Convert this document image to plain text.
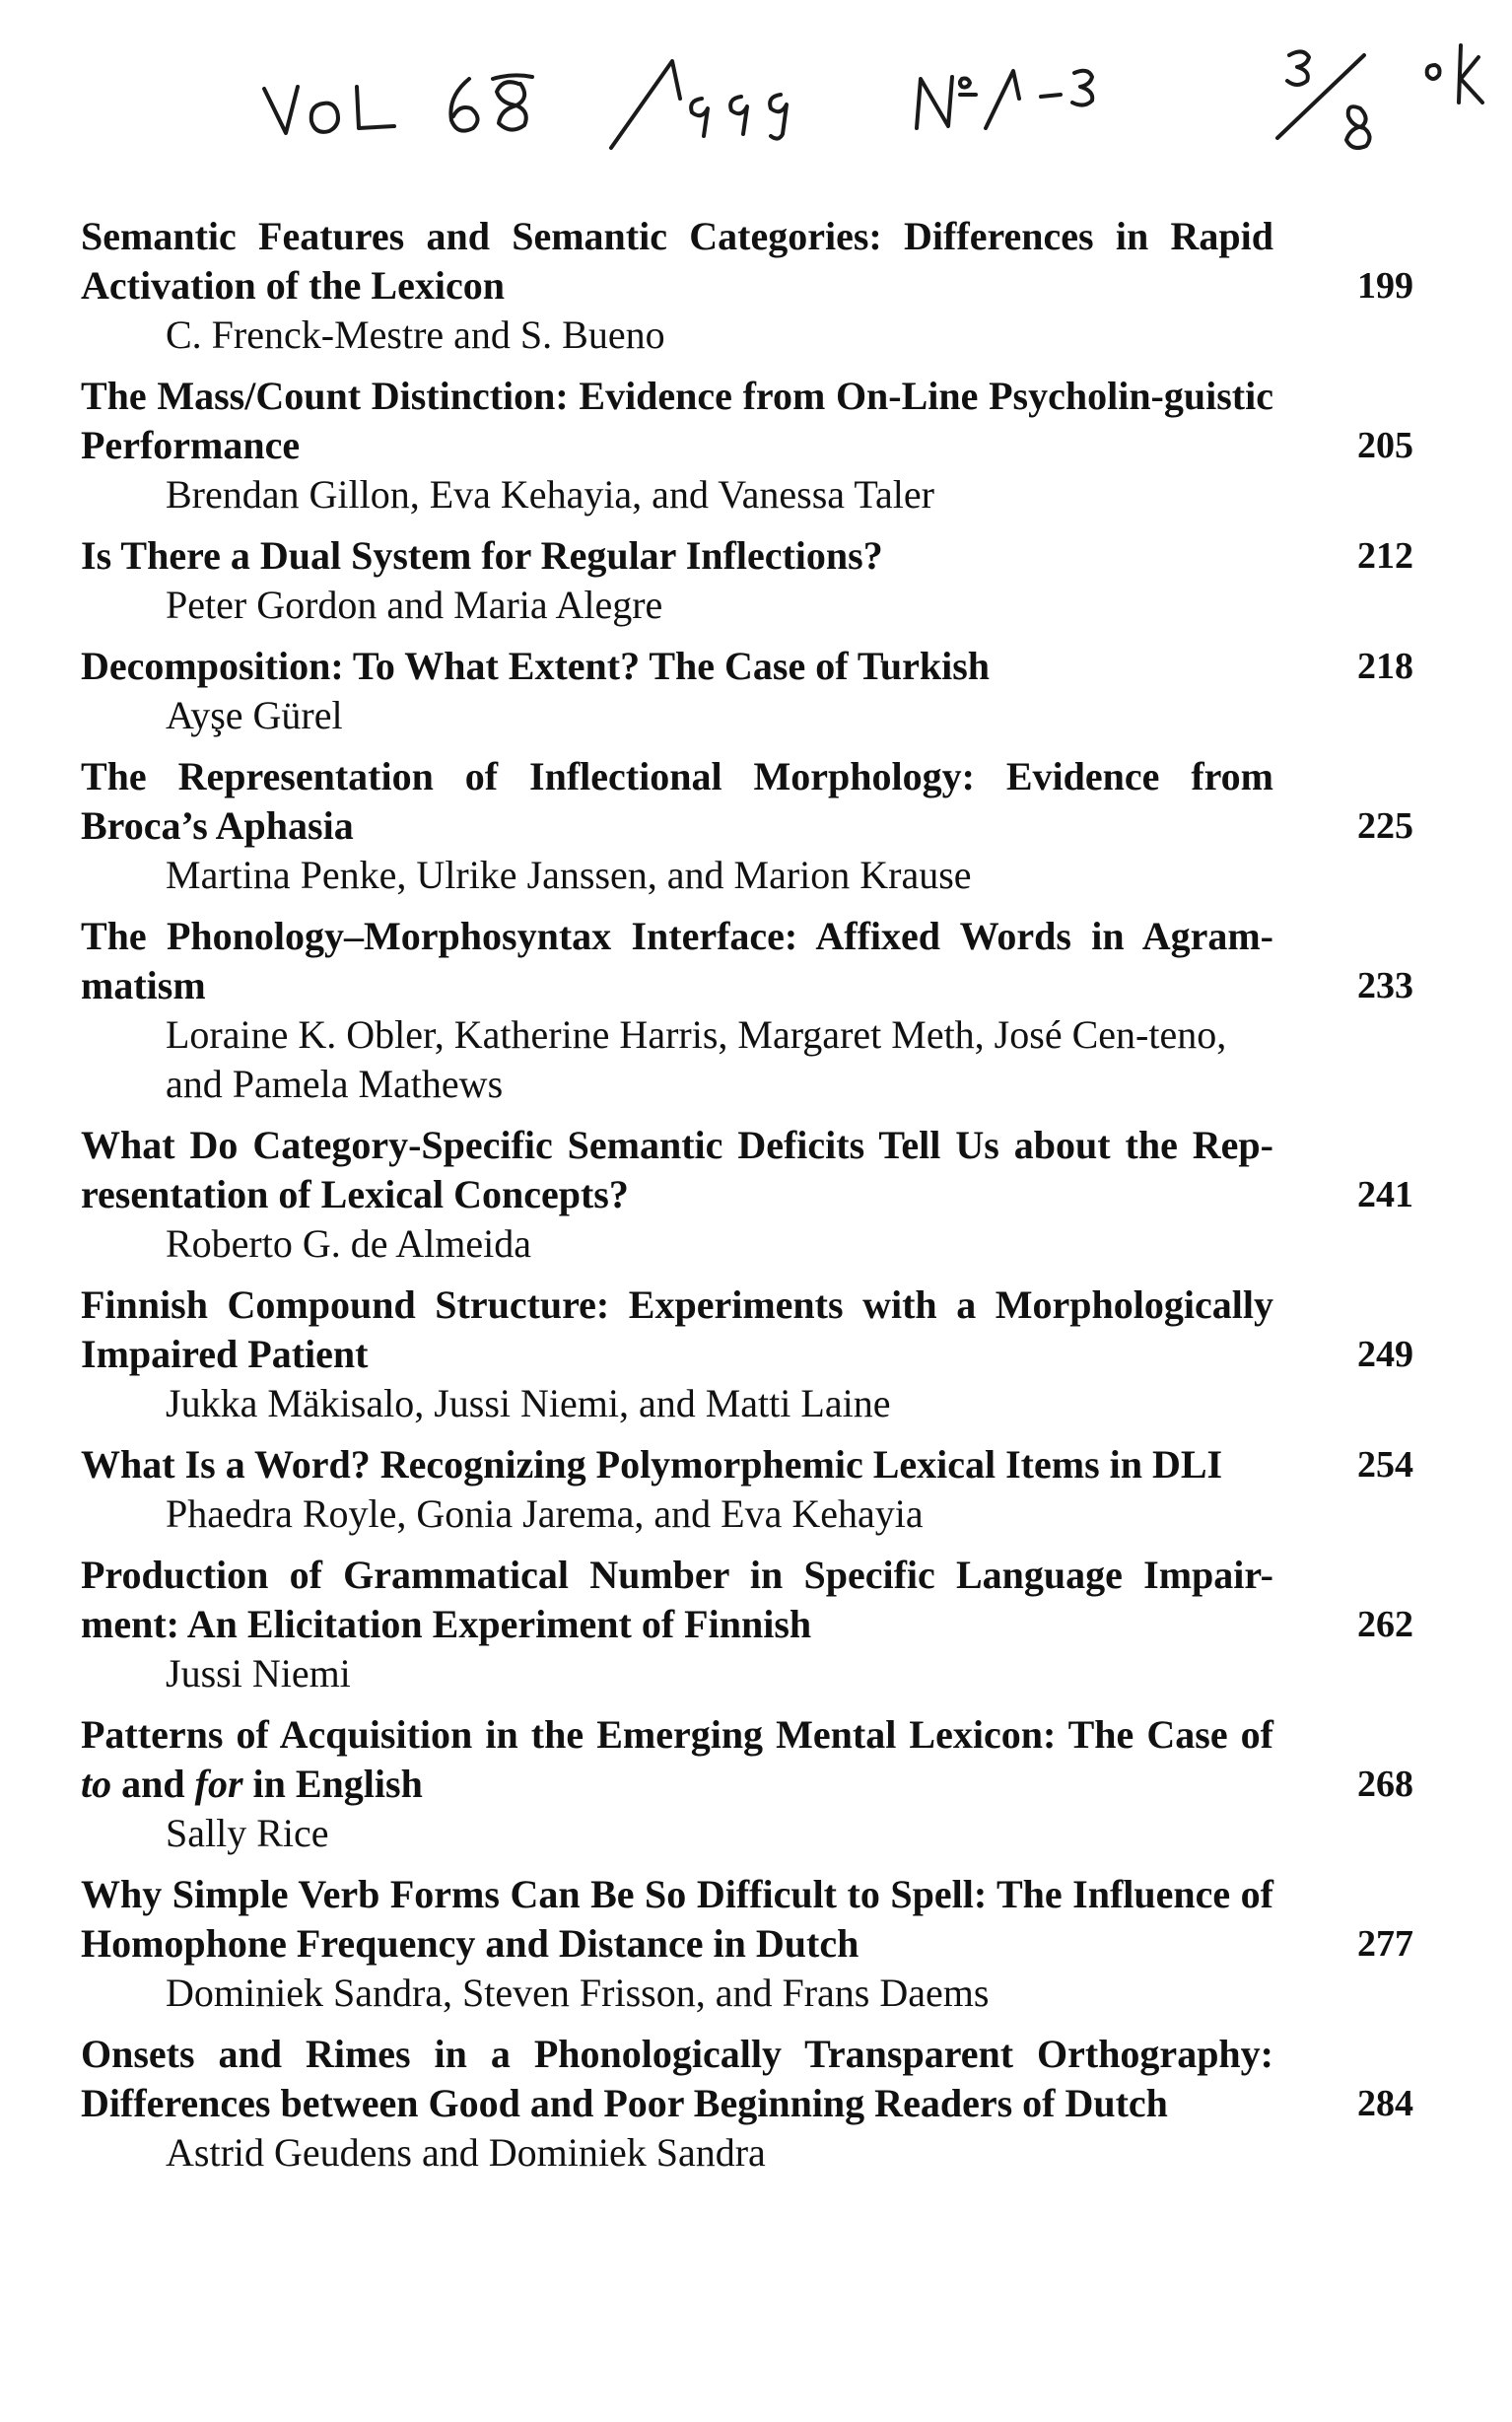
Semantic Features and Semantic Categories: Differences in Rapid Activation of the Lexicon	199
C. Frenck-Mestre and S. Bueno
The Mass/Count Distinction: Evidence from On-Line Psycholin-guistic Performance	205
Brendan Gillon, Eva Kehayia, and Vanessa Taler
Is There a Dual System for Regular Inflections?	212
Peter Gordon and Maria Alegre
Decomposition: To What Extent? The Case of Turkish	218
Ayşe Gürel
The Representation of Inflectional Morphology: Evidence from Broca’s Aphasia	225
Martina Penke, Ulrike Janssen, and Marion Krause
The Phonology–Morphosyntax Interface: Affixed Words in Agram-matism	233
Loraine K. Obler, Katherine Harris, Margaret Meth, José Cen-teno, and Pamela Mathews
What Do Category-Specific Semantic Deficits Tell Us about the Rep-resentation of Lexical Concepts?	241
Roberto G. de Almeida
Finnish Compound Structure: Experiments with a Morphologically Impaired Patient	249
Jukka Mäkisalo, Jussi Niemi, and Matti Laine
What Is a Word? Recognizing Polymorphemic Lexical Items in DLI	254
Phaedra Royle, Gonia Jarema, and Eva Kehayia
Production of Grammatical Number in Specific Language Impair-ment: An Elicitation Experiment of Finnish	262
Jussi Niemi
Patterns of Acquisition in the Emerging Mental Lexicon: The Case of to and for in English	268
Sally Rice
Why Simple Verb Forms Can Be So Difficult to Spell: The Influence of Homophone Frequency and Distance in Dutch	277
Dominiek Sandra, Steven Frisson, and Frans Daems
Onsets and Rimes in a Phonologically Transparent Orthography: Differences between Good and Poor Beginning Readers of Dutch	284
Astrid Geudens and Dominiek Sandra
